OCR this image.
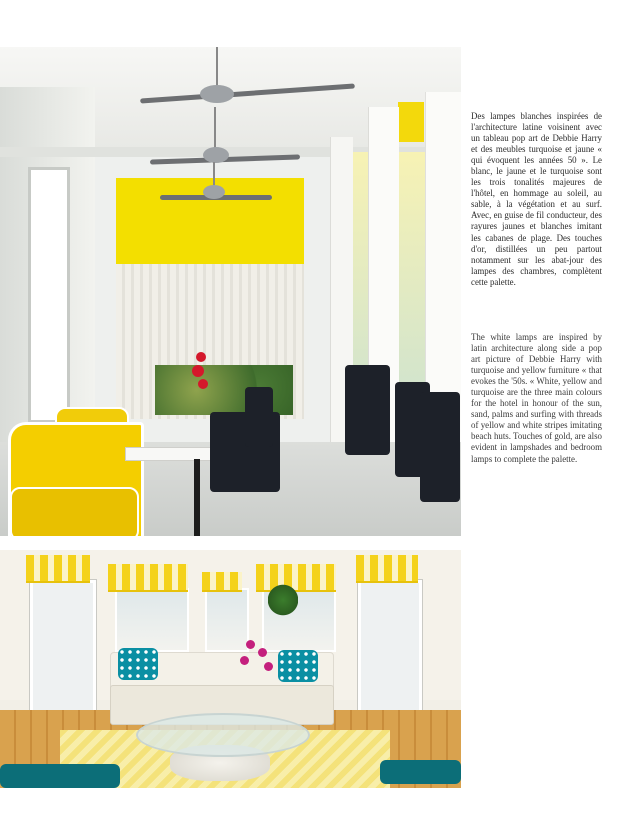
Des lampes blanches inspirées de l'architecture latine voisinent avec un tableau pop art de Debbie Harry et des meubles turquoise et jaune « qui évoquent les années 50 ». Le blanc, le jaune et le turquoise sont les trois tonalités majeures de l'hôtel, en hommage au soleil, au sable, à la végétation et au surf. Avec, en guise de fil conducteur, des rayures jaunes et blanches imitant les cabanes de plage. Des touches d'or, distillées un peu partout notamment sur les abat-jour des lampes des chambres, complètent cette palette.
The white lamps are inspired by latin architecture along side a pop art picture of Debbie Harry with turquoise and yellow furniture « that evokes the '50s. « White, yellow and turquoise are the three main colours for the hotel in honour of the sun, sand, palms and surfing with threads of yellow and white stripes imitating beach huts. Touches of gold, are also evident in lampshades and bedroom lamps to complete the palette.
